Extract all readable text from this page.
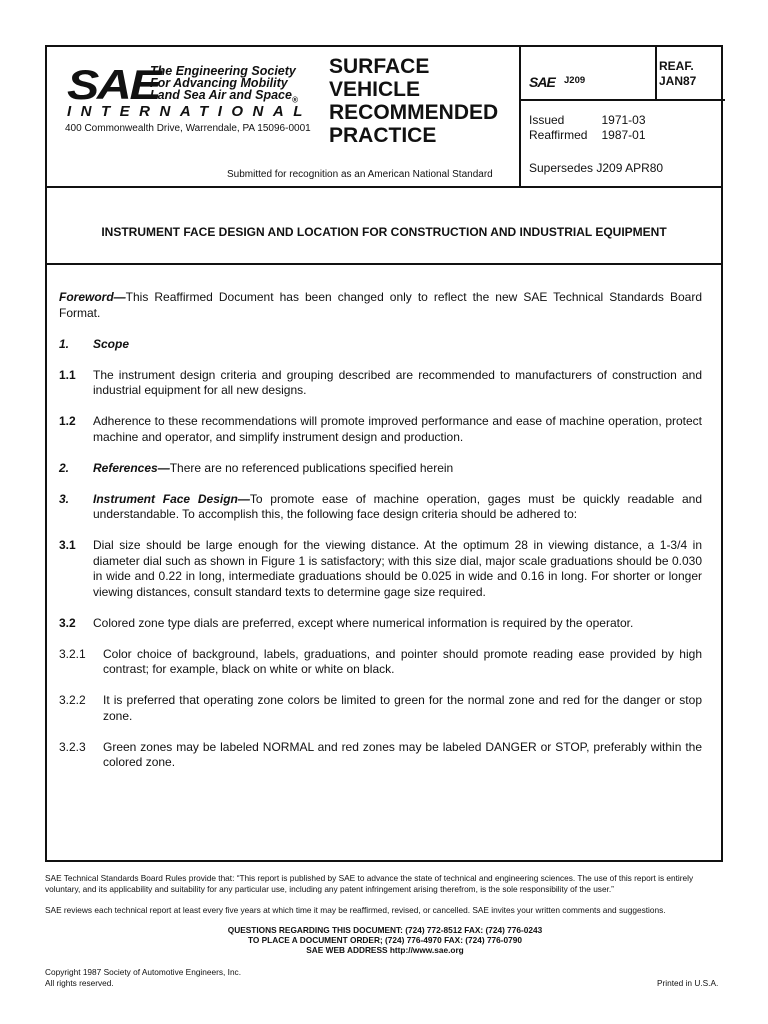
SAE
The Engineering Society
For Advancing Mobility
Land Sea Air and Space$_®$
INTERNATIONAL
400 Commonwealth Drive, Warrendale, PA 15096-0001
Submitted for recognition as an American National Standard
SURFACE
VEHICLE
RECOMMENDED
PRACTICE
SAE J209
REAF.
JAN87
Issued	1971-03
Reaffirmed	1987-01
Supersedes J209 APR80
INSTRUMENT FACE DESIGN AND LOCATION FOR CONSTRUCTION AND INDUSTRIAL EQUIPMENT
Foreword—This Reaffirmed Document has been changed only to reflect the new SAE Technical Standards Board Format.
1.	Scope
1.1	The instrument design criteria and grouping described are recommended to manufacturers of construction and industrial equipment for all new designs.
1.2	Adherence to these recommendations will promote improved performance and ease of machine operation, protect machine and operator, and simplify instrument design and production.
2.	References—There are no referenced publications specified herein
3.	Instrument Face Design—To promote ease of machine operation, gages must be quickly readable and understandable. To accomplish this, the following face design criteria should be adhered to:
3.1	Dial size should be large enough for the viewing distance. At the optimum 28 in viewing distance, a 1-3/4 in diameter dial such as shown in Figure 1 is satisfactory; with this size dial, major scale graduations should be 0.030 in wide and 0.22 in long, intermediate graduations should be 0.025 in wide and 0.16 in long. For shorter or longer viewing distances, consult standard texts to determine gage size required.
3.2	Colored zone type dials are preferred, except where numerical information is required by the operator.
3.2.1	Color choice of background, labels, graduations, and pointer should promote reading ease provided by high contrast; for example, black on white or white on black.
3.2.2	It is preferred that operating zone colors be limited to green for the normal zone and red for the danger or stop zone.
3.2.3	Green zones may be labeled NORMAL and red zones may be labeled DANGER or STOP, preferably within the colored zone.
SAE Technical Standards Board Rules provide that: “This report is published by SAE to advance the state of technical and engineering sciences. The use of this report is entirely voluntary, and its applicability and suitability for any particular use, including any patent infringement arising therefrom, is the sole responsibility of the user.”
SAE reviews each technical report at least every five years at which time it may be reaffirmed, revised, or cancelled. SAE invites your written comments and suggestions.
QUESTIONS REGARDING THIS DOCUMENT: (724) 772-8512 FAX: (724) 776-0243
TO PLACE A DOCUMENT ORDER; (724) 776-4970 FAX: (724) 776-0790
SAE WEB ADDRESS http://www.sae.org
Copyright 1987 Society of Automotive Engineers, Inc.
All rights reserved.	Printed in U.S.A.
